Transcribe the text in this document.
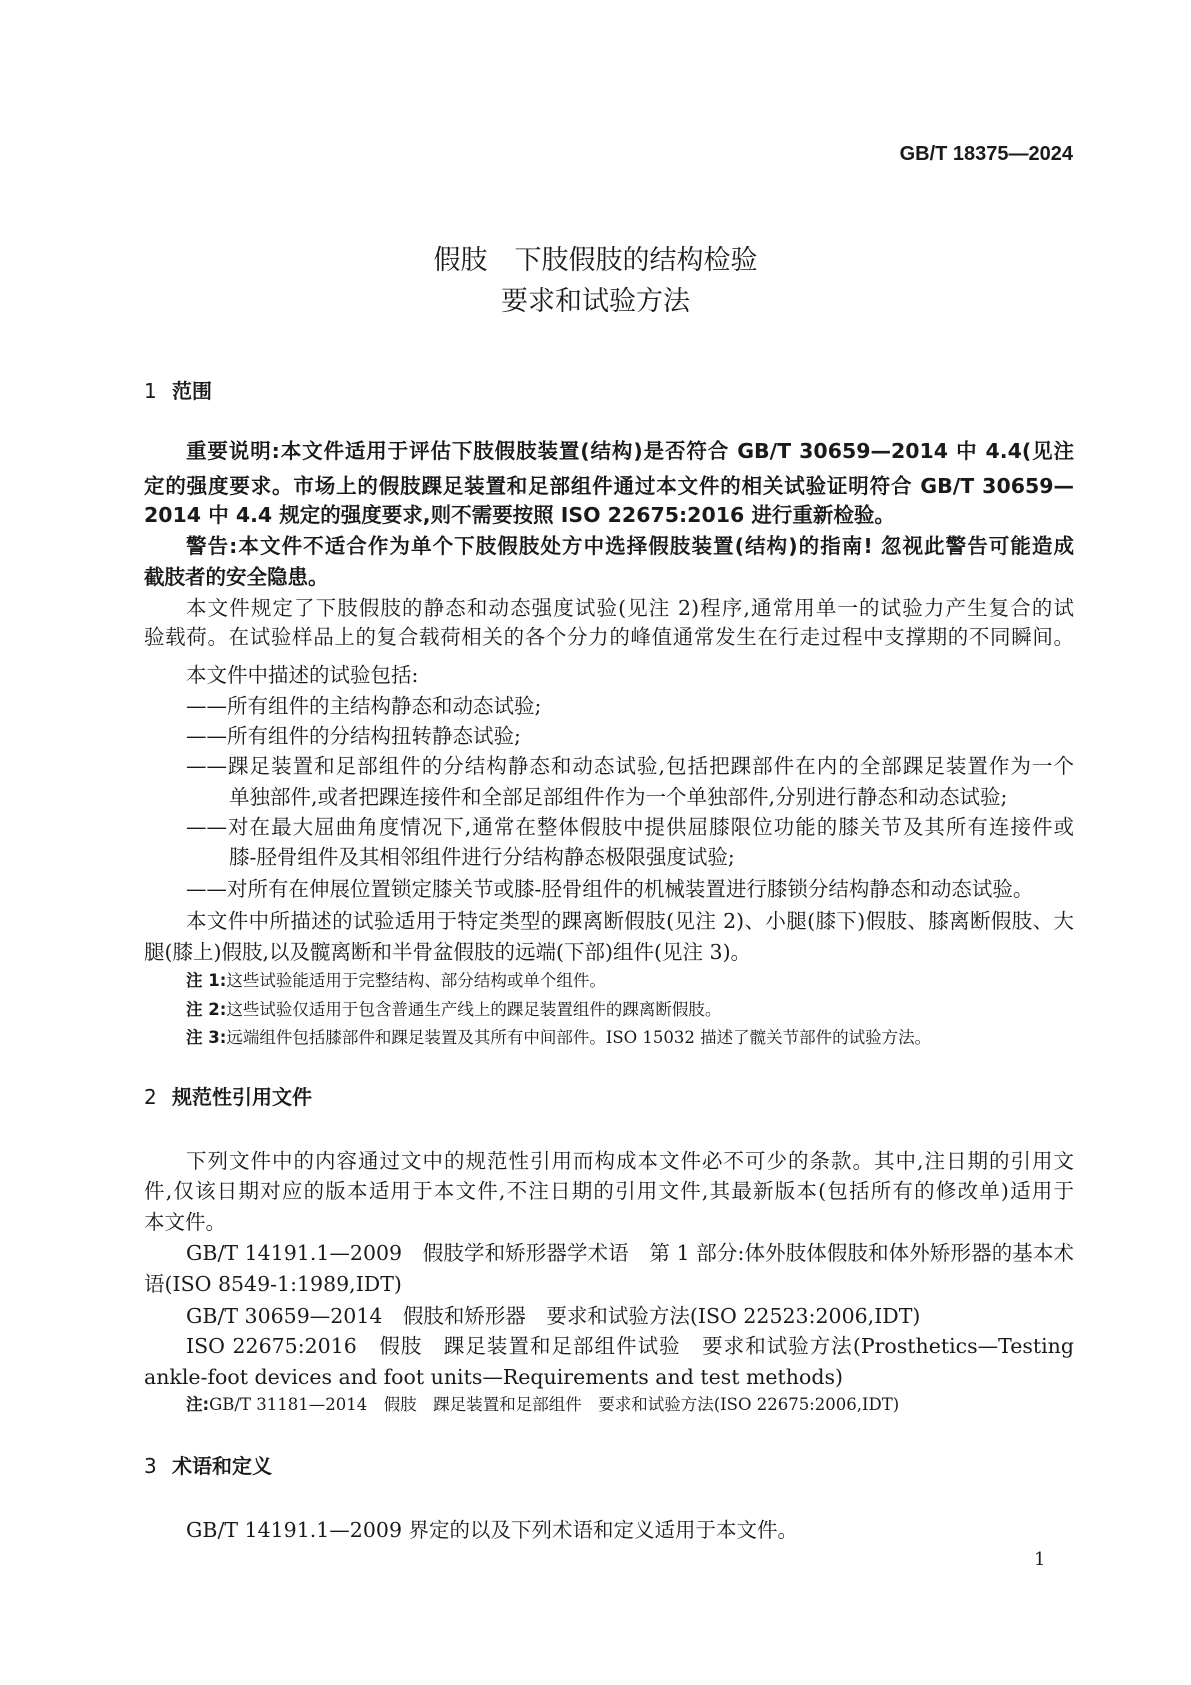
GB/T 18375—2024
假肢　下肢假肢的结构检验
要求和试验方法
1 范围
重要说明:本文件适用于评估下肢假肢装置(结构)是否符合 GB/T 30659—2014 中 4.4(见注
定的强度要求。市场上的假肢踝足装置和足部组件通过本文件的相关试验证明符合 GB/T 30659—
2014 中 4.4 规定的强度要求,则不需要按照 ISO 22675:2016 进行重新检验。
警告:本文件不适合作为单个下肢假肢处方中选择假肢装置(结构)的指南! 忽视此警告可能造成
截肢者的安全隐患。
本文件规定了下肢假肢的静态和动态强度试验(见注 2)程序,通常用单一的试验力产生复合的试
验载荷。在试验样品上的复合载荷相关的各个分力的峰值通常发生在行走过程中支撑期的不同瞬间。
本文件中描述的试验包括:
——所有组件的主结构静态和动态试验;
——所有组件的分结构扭转静态试验;
——踝足装置和足部组件的分结构静态和动态试验,包括把踝部件在内的全部踝足装置作为一个
单独部件,或者把踝连接件和全部足部组件作为一个单独部件,分别进行静态和动态试验;
——对在最大屈曲角度情况下,通常在整体假肢中提供屈膝限位功能的膝关节及其所有连接件或
膝-胫骨组件及其相邻组件进行分结构静态极限强度试验;
——对所有在伸展位置锁定膝关节或膝-胫骨组件的机械装置进行膝锁分结构静态和动态试验。
本文件中所描述的试验适用于特定类型的踝离断假肢(见注 2)、小腿(膝下)假肢、膝离断假肢、大
腿(膝上)假肢,以及髋离断和半骨盆假肢的远端(下部)组件(见注 3)。
注 1:这些试验能适用于完整结构、部分结构或单个组件。
注 2:这些试验仅适用于包含普通生产线上的踝足装置组件的踝离断假肢。
注 3:远端组件包括膝部件和踝足装置及其所有中间部件。ISO 15032 描述了髋关节部件的试验方法。
2 规范性引用文件
下列文件中的内容通过文中的规范性引用而构成本文件必不可少的条款。其中,注日期的引用文
件,仅该日期对应的版本适用于本文件,不注日期的引用文件,其最新版本(包括所有的修改单)适用于
本文件。
GB/T 14191.1—2009　假肢学和矫形器学术语　第 1 部分:体外肢体假肢和体外矫形器的基本术
语(ISO 8549-1:1989,IDT)
GB/T 30659—2014　假肢和矫形器　要求和试验方法(ISO 22523:2006,IDT)
ISO 22675:2016　假肢　踝足装置和足部组件试验　要求和试验方法(Prosthetics—Testing
ankle-foot devices and foot units—Requirements and test methods)
注:GB/T 31181—2014　假肢　踝足装置和足部组件　要求和试验方法(ISO 22675:2006,IDT)
3 术语和定义
GB/T 14191.1—2009 界定的以及下列术语和定义适用于本文件。
1
